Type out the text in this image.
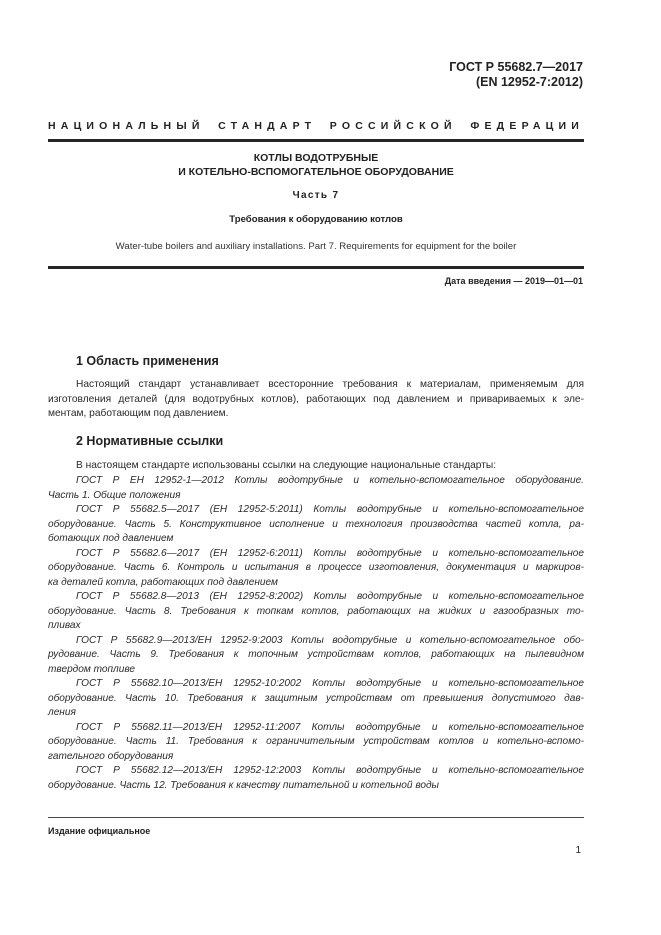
ГОСТ Р 55682.7—2017
(EN 12952-7:2012)
НАЦИОНАЛЬНЫЙ СТАНДАРТ РОССИЙСКОЙ ФЕДЕРАЦИИ
КОТЛЫ ВОДОТРУБНЫЕ
И КОТЕЛЬНО-ВСПОМОГАТЕЛЬНОЕ ОБОРУДОВАНИЕ
Часть 7
Требования к оборудованию котлов
Water-tube boilers and auxiliary installations. Part 7. Requirements for equipment for the boiler
Дата введения — 2019—01—01
1 Область применения
Настоящий стандарт устанавливает всесторонние требования к материалам, применяемым для
изготовления деталей (для водотрубных котлов), работающих под давлением и привариваемых к эле-
ментам, работающим под давлением.
2 Нормативные ссылки
В настоящем стандарте использованы ссылки на следующие национальные стандарты:
ГОСТ Р ЕН 12952-1—2012 Котлы водотрубные и котельно-вспомогательное оборудование.
Часть 1. Общие положения
ГОСТ Р 55682.5—2017 (ЕН 12952-5:2011) Котлы водотрубные и котельно-вспомогательное
оборудование. Часть 5. Конструктивное исполнение и технология производства частей котла, ра-
ботающих под давлением
ГОСТ Р 55682.6—2017 (ЕН 12952-6:2011) Котлы водотрубные и котельно-вспомогательное
оборудование. Часть 6. Контроль и испытания в процессе изготовления, документация и маркиров-
ка деталей котла, работающих под давлением
ГОСТ Р 55682.8—2013 (ЕН 12952-8:2002) Котлы водотрубные и котельно-вспомогательное
оборудование. Часть 8. Требования к топкам котлов, работающих на жидких и газообразных то-
пливах
ГОСТ Р 55682.9—2013/ЕН 12952-9:2003 Котлы водотрубные и котельно-вспомогательное обо-
рудование. Часть 9. Требования к топочным устройствам котлов, работающих на пылевидном
твердом топливе
ГОСТ Р 55682.10—2013/ЕН 12952-10:2002 Котлы водотрубные и котельно-вспомогательное
оборудование. Часть 10. Требования к защитным устройствам от превышения допустимого дав-
ления
ГОСТ Р 55682.11—2013/ЕН 12952-11:2007 Котлы водотрубные и котельно-вспомогательное
оборудование. Часть 11. Требования к ограничительным устройствам котлов и котельно-вспомо-
гательного оборудования
ГОСТ Р 55682.12—2013/ЕН 12952-12:2003 Котлы водотрубные и котельно-вспомогательное
оборудование. Часть 12. Требования к качеству питательной и котельной воды
Издание официальное
1
